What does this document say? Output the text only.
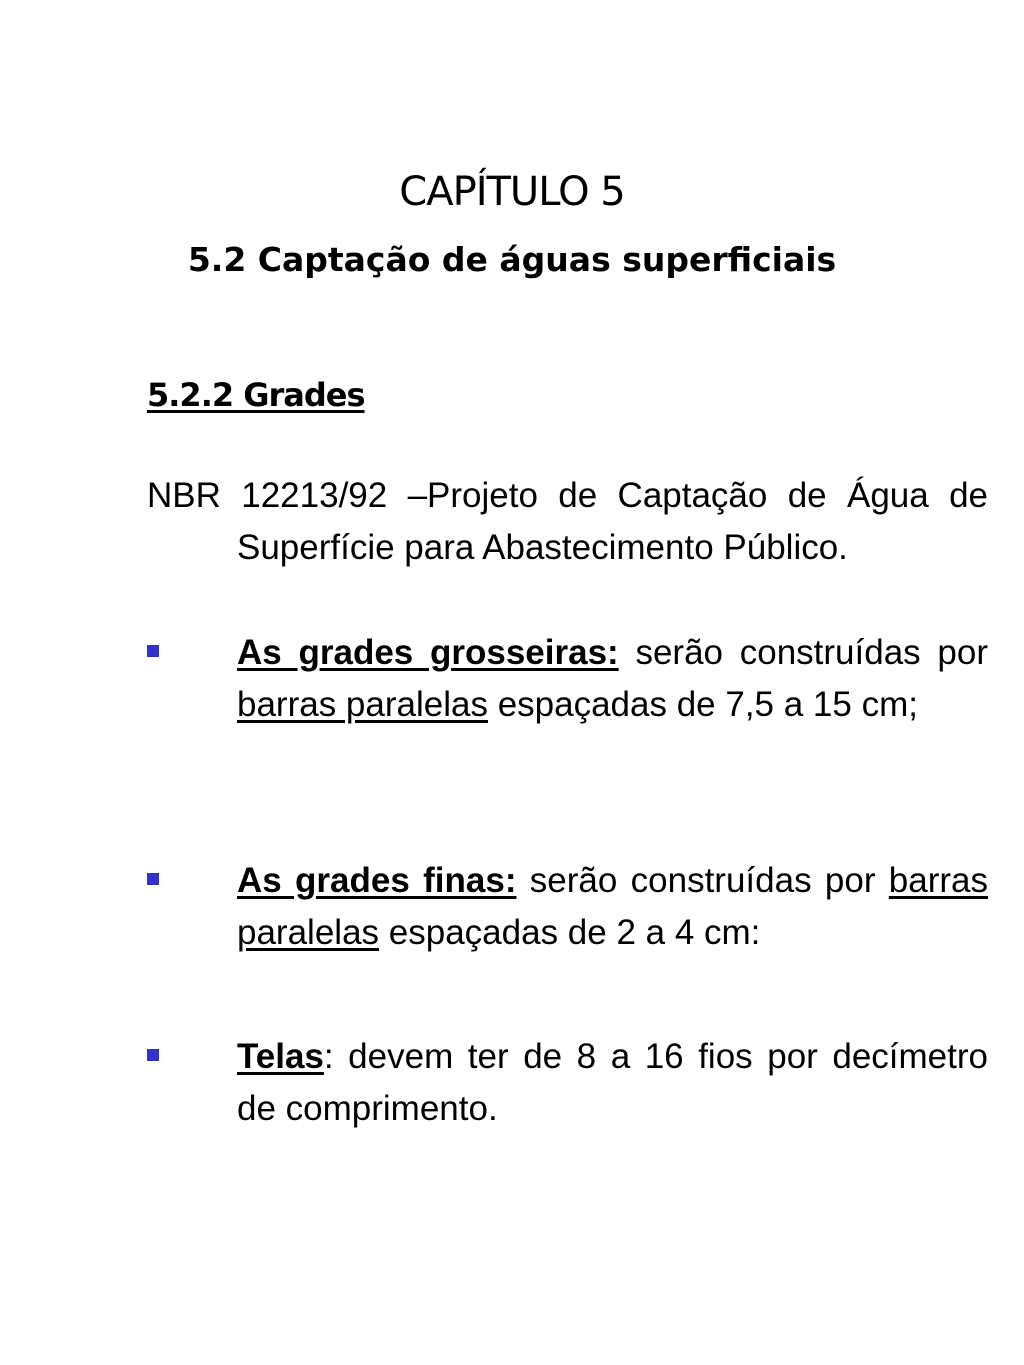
CAPÍTULO 5
5.2 Captação de águas superficiais
5.2.2 Grades
NBR 12213/92 –Projeto de Captação de Água de Superfície para Abastecimento Público.
As grades grosseiras: serão construídas por barras paralelas espaçadas de 7,5 a 15 cm;
As grades finas: serão construídas por barras paralelas espaçadas de 2 a 4 cm:
Telas: devem ter de 8 a 16 fios por decímetro de comprimento.
